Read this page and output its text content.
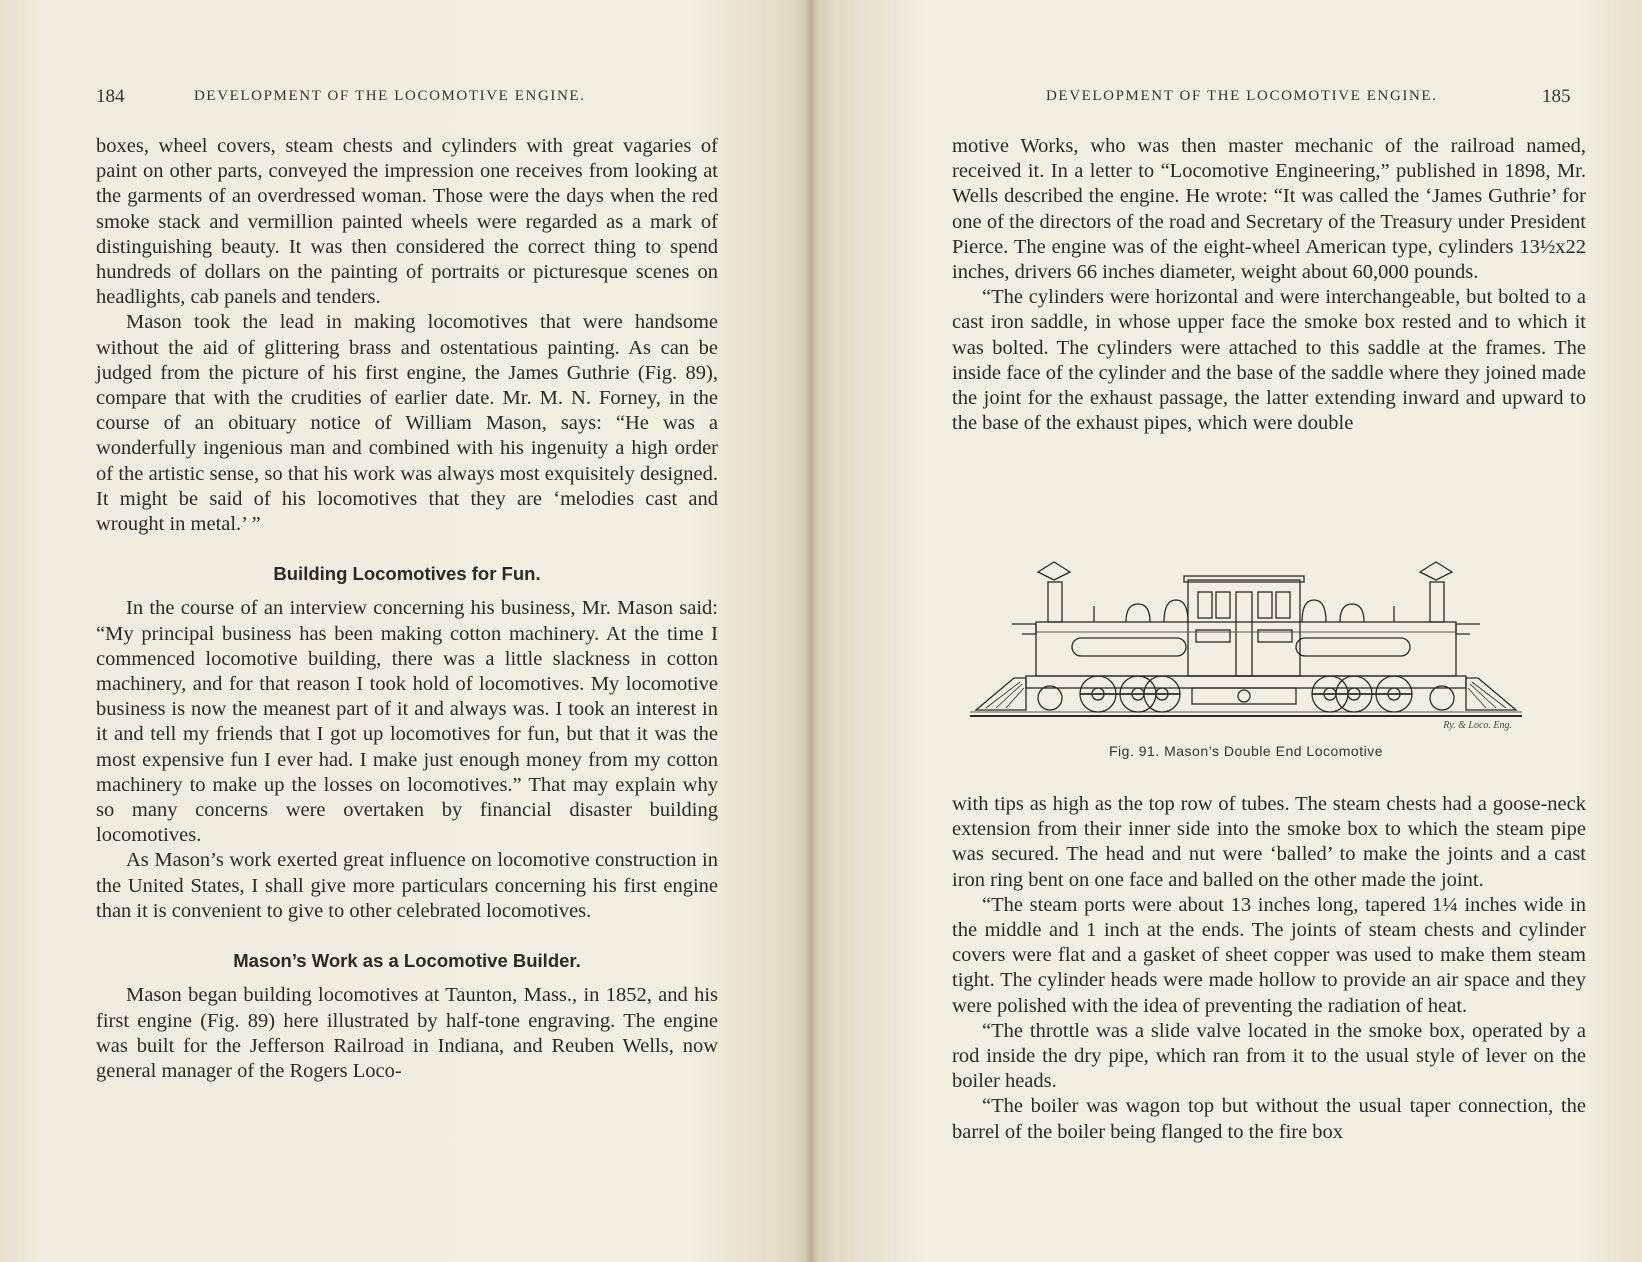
184	DEVELOPMENT OF THE LOCOMOTIVE ENGINE.

boxes, wheel covers, steam chests and cylinders with great vagaries of paint on other parts, conveyed the impression one receives from looking at the garments of an overdressed woman. Those were the days when the red smoke stack and vermillion painted wheels were regarded as a mark of distinguishing beauty. It was then considered the correct thing to spend hundreds of dollars on the painting of portraits or picturesque scenes on headlights, cab panels and tenders.

Mason took the lead in making locomotives that were handsome without the aid of glittering brass and ostentatious painting. As can be judged from the picture of his first engine, the James Guthrie (Fig. 89), compare that with the crudities of earlier date. Mr. M. N. Forney, in the course of an obituary notice of William Mason, says: “He was a wonderfully ingenious man and combined with his ingenuity a high order of the artistic sense, so that his work was always most exquisitely designed. It might be said of his locomotives that they are ‘melodies cast and wrought in metal.’ ”

Building Locomotives for Fun.

In the course of an interview concerning his business, Mr. Mason said: “My principal business has been making cotton machinery. At the time I commenced locomotive building, there was a little slackness in cotton machinery, and for that reason I took hold of locomotives. My locomotive business is now the meanest part of it and always was. I took an interest in it and tell my friends that I got up locomotives for fun, but that it was the most expensive fun I ever had. I make just enough money from my cotton machinery to make up the losses on locomotives.” That may explain why so many concerns were overtaken by financial disaster building locomotives.

As Mason’s work exerted great influence on locomotive construction in the United States, I shall give more particulars concerning his first engine than it is convenient to give to other celebrated locomotives.

Mason’s Work as a Locomotive Builder.

Mason began building locomotives at Taunton, Mass., in 1852, and his first engine (Fig. 89) here illustrated by half-tone engraving. The engine was built for the Jefferson Railroad in Indiana, and Reuben Wells, now general manager of the Rogers Loco-

DEVELOPMENT OF THE LOCOMOTIVE ENGINE.	185

motive Works, who was then master mechanic of the railroad named, received it. In a letter to “Locomotive Engineering,” published in 1898, Mr. Wells described the engine. He wrote: “It was called the ‘James Guthrie’ for one of the directors of the road and Secretary of the Treasury under President Pierce. The engine was of the eight-wheel American type, cylinders 13½x22 inches, drivers 66 inches diameter, weight about 60,000 pounds.

“The cylinders were horizontal and were interchangeable, but bolted to a cast iron saddle, in whose upper face the smoke box rested and to which it was bolted. The cylinders were attached to this saddle at the frames. The inside face of the cylinder and the base of the saddle where they joined made the joint for the exhaust passage, the latter extending inward and upward to the base of the exhaust pipes, which were double

Ry. & Loco. Eng.
Fig. 91. Mason’s Double End Locomotive

with tips as high as the top row of tubes. The steam chests had a goose-neck extension from their inner side into the smoke box to which the steam pipe was secured. The head and nut were ‘balled’ to make the joints and a cast iron ring bent on one face and balled on the other made the joint.

“The steam ports were about 13 inches long, tapered 1¼ inches wide in the middle and 1 inch at the ends. The joints of steam chests and cylinder covers were flat and a gasket of sheet copper was used to make them steam tight. The cylinder heads were made hollow to provide an air space and they were polished with the idea of preventing the radiation of heat.

“The throttle was a slide valve located in the smoke box, operated by a rod inside the dry pipe, which ran from it to the usual style of lever on the boiler heads.

“The boiler was wagon top but without the usual taper connection, the barrel of the boiler being flanged to the fire box
